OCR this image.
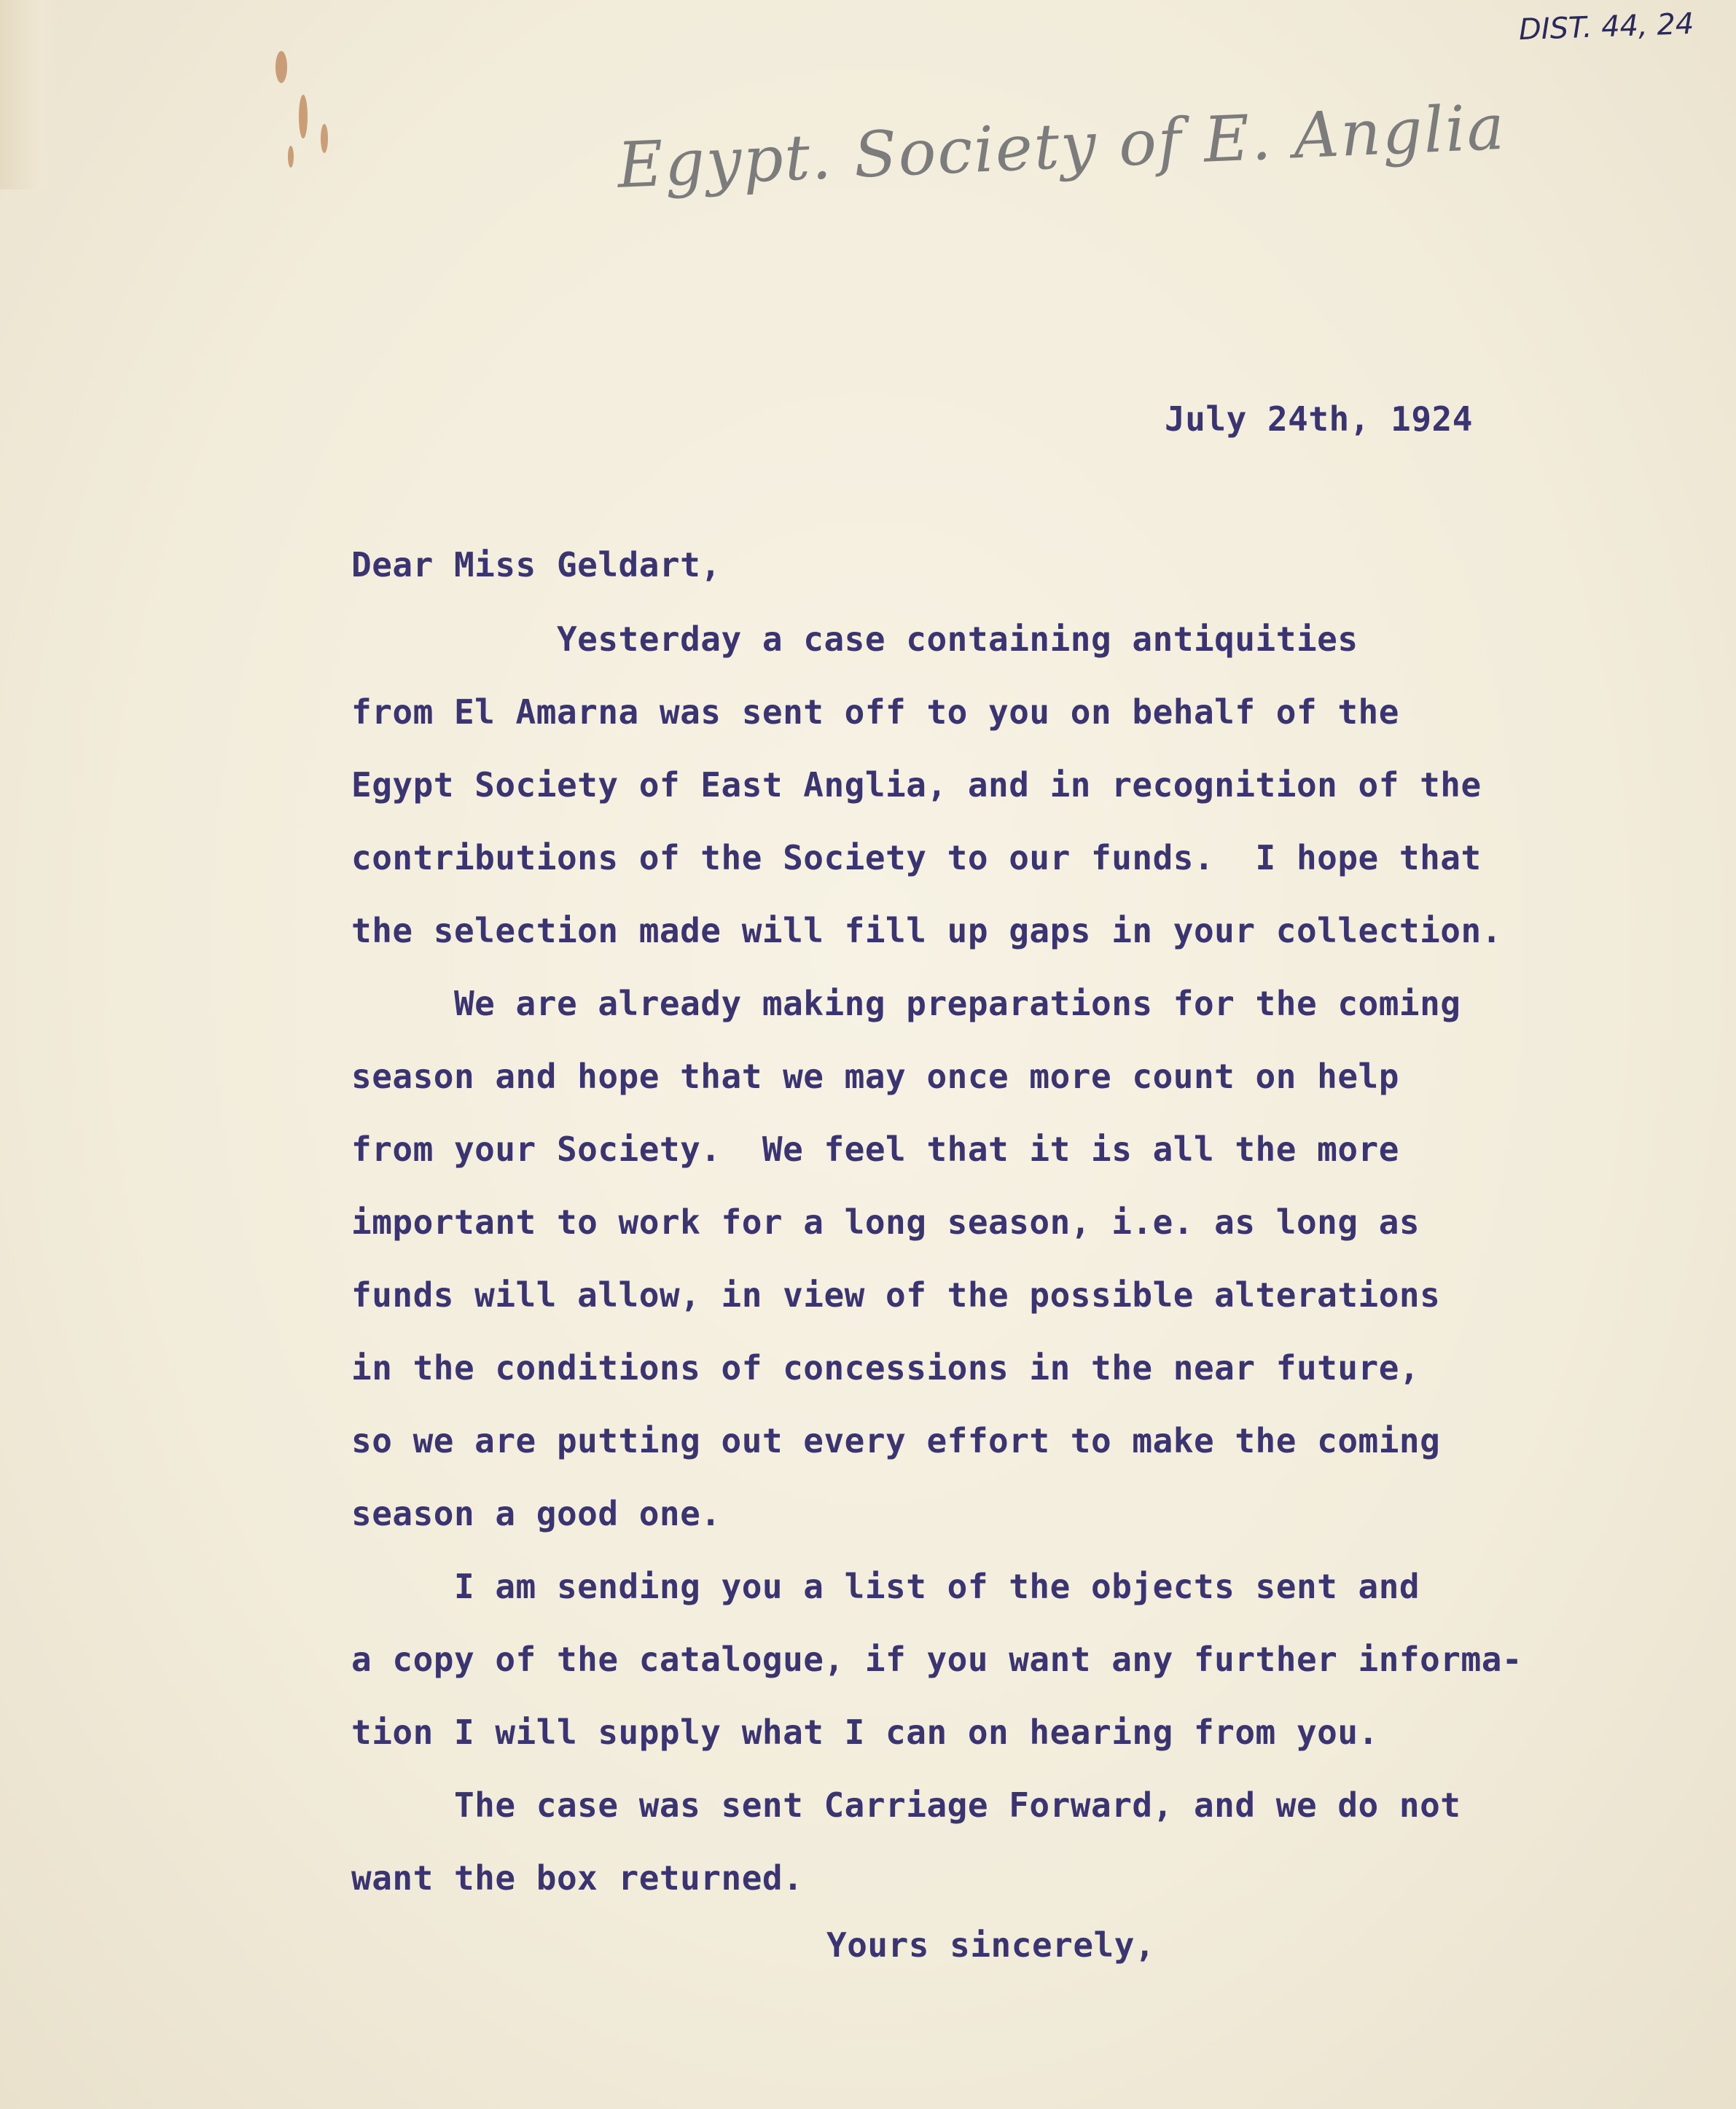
DIST. 44, 24
Egypt. Society of E. Anglia
July 24th, 1924
Dear Miss Geldart,
Yesterday a case containing antiquities
from El Amarna was sent off to you on behalf of the
Egypt Society of East Anglia, and in recognition of the
contributions of the Society to our funds.  I hope that
the selection made will fill up gaps in your collection.
We are already making preparations for the coming
season and hope that we may once more count on help
from your Society.  We feel that it is all the more
important to work for a long season, i.e. as long as
funds will allow, in view of the possible alterations
in the conditions of concessions in the near future,
so we are putting out every effort to make the coming
season a good one.
I am sending you a list of the objects sent and
a copy of the catalogue, if you want any further informa-
tion I will supply what I can on hearing from you.
The case was sent Carriage Forward, and we do not
want the box returned.
Yours sincerely,
